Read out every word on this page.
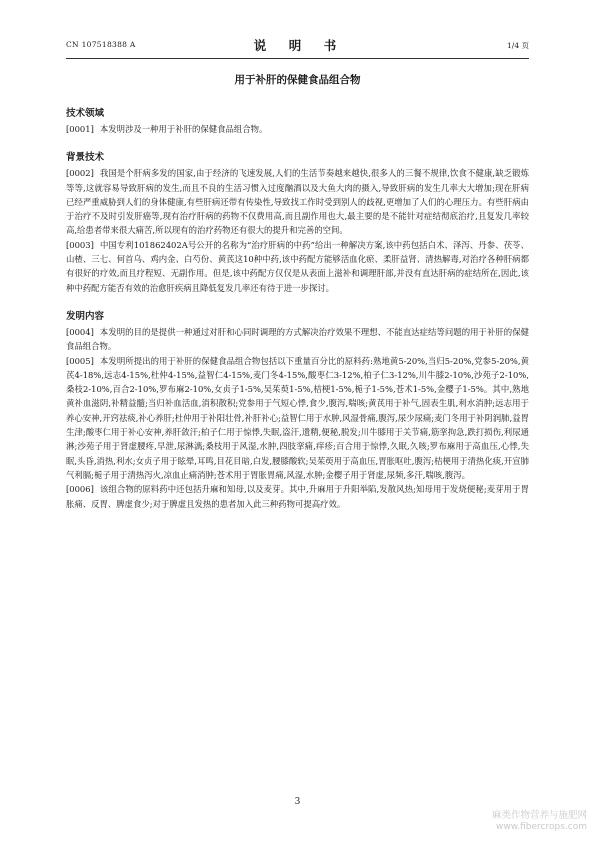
CN 107518388 A	说　明　书	1/4 页
用于补肝的保健食品组合物
技术领域

[0001] 本发明涉及一种用于补肝的保健食品组合物。

背景技术

[0002] 我国是个肝病多发的国家,由于经济的飞速发展,人们的生活节奏越来越快,很多人的三餐不规律,饮食不健康,缺乏锻炼等等,这就容易导致肝病的发生,而且不良的生活习惯入过度酗酒以及大鱼大肉的摄入,导致肝病的发生几率大大增加;现在肝病已经严重威胁到人们的身体健康,有些肝病还带有传染性,导致找工作时受到别人的歧视,更增加了人们的心理压力。有些肝病由于治疗不及时引发肝癌等,现有治疗肝病的药物不仅费用高,而且副作用也大,最主要的是不能针对症结彻底治疗,且复发几率较高,给患者带来很大痛苦,所以现有的治疗药物还有很大的提升和完善的空间。

[0003] 中国专利101862402A号公开的名称为“治疗肝病的中药”给出一种解决方案,该中药包括白术、泽泻、丹参、茯苓、山楂、三七、何首乌、鸡内金、白芍份、黄芪这10种中药,该中药配方能够活血化瘀、柔肝益肾、清热解毒,对治疗各种肝病都有很好的疗效,而且疗程短、无副作用。但是,该中药配方仅仅是从表面上滋补和调理肝部,并没有直达肝病的症结所在,因此,该种中药配方能否有效的治愈肝疾病且降低复发几率还有待于进一步探讨。

发明内容

[0004] 本发明的目的是提供一种通过对肝和心同时调理的方式解决治疗效果不理想、不能直达症结等问题的用于补肝的保健食品组合物。

[0005] 本发明所提出的用于补肝的保健食品组合物包括以下重量百分比的原料药:熟地黄5-20%,当归5-20%,党参5-20%,黄芪4-18%,远志4-15%,杜仲4-15%,益智仁4-15%,麦门冬4-15%,酸枣仁3-12%,柏子仁3-12%,川牛膝2-10%,沙苑子2-10%,桑枝2-10%,百合2-10%,罗布麻2-10%,女贞子1-5%,吴茱萸1-5%,桔梗1-5%,栀子1-5%,苍术1-5%,金樱子1-5%。其中,熟地黄补血滋阴,补精益髓;当归补血活血,消积散积;党参用于气短心悸,食少,腹泻,喘咳;黄芪用于补气,固表生肌,利水消肿;远志用于养心安神,开窍祛痰,补心养肝;杜仲用于补阳壮骨,补肝补心;益智仁用于水肿,风湿骨痛,腹泻,尿少尿痛;麦门冬用于补阴润肺,益胃生津;酸枣仁用于补心安神,养肝敛汗;柏子仁用于惊悸,失眠,盗汗,遗精,便秘,脱发;川牛膝用于关节痛,筋挛拘急,跌打损伤,利尿通淋;沙苑子用于肾虚腰疼,早泄,尿淋漓;桑枝用于风湿,水肿,四肢挛痛,痒疹;百合用于惊悸,久眠,久咳;罗布麻用于高血压,心悸,失眠,头昏,消热,利水;女贞子用于眩晕,耳鸣,目花目暗,白发,腰膝酸软;吴茱萸用于高血压,胃胀呕吐,腹泻;桔梗用于清热化痰,开宣肺气利膈;栀子用于清热泻火,凉血止痛消肿;苍术用于胃胀胃痛,风湿,水肿;金樱子用于肾虚,尿频,多汗,喘咳,腹泻。

[0006] 该组合物的原料药中还包括升麻和知母,以及麦芽。其中,升麻用于升阳举陷,发散风热;知母用于发烧便秘;麦芽用于胃胀痛、反胃、脾虚食少;对于脾虚且发热的患者加入此三种药物可提高疗效。

3
麻类作物营养与施肥网
www.fibercrops.com
